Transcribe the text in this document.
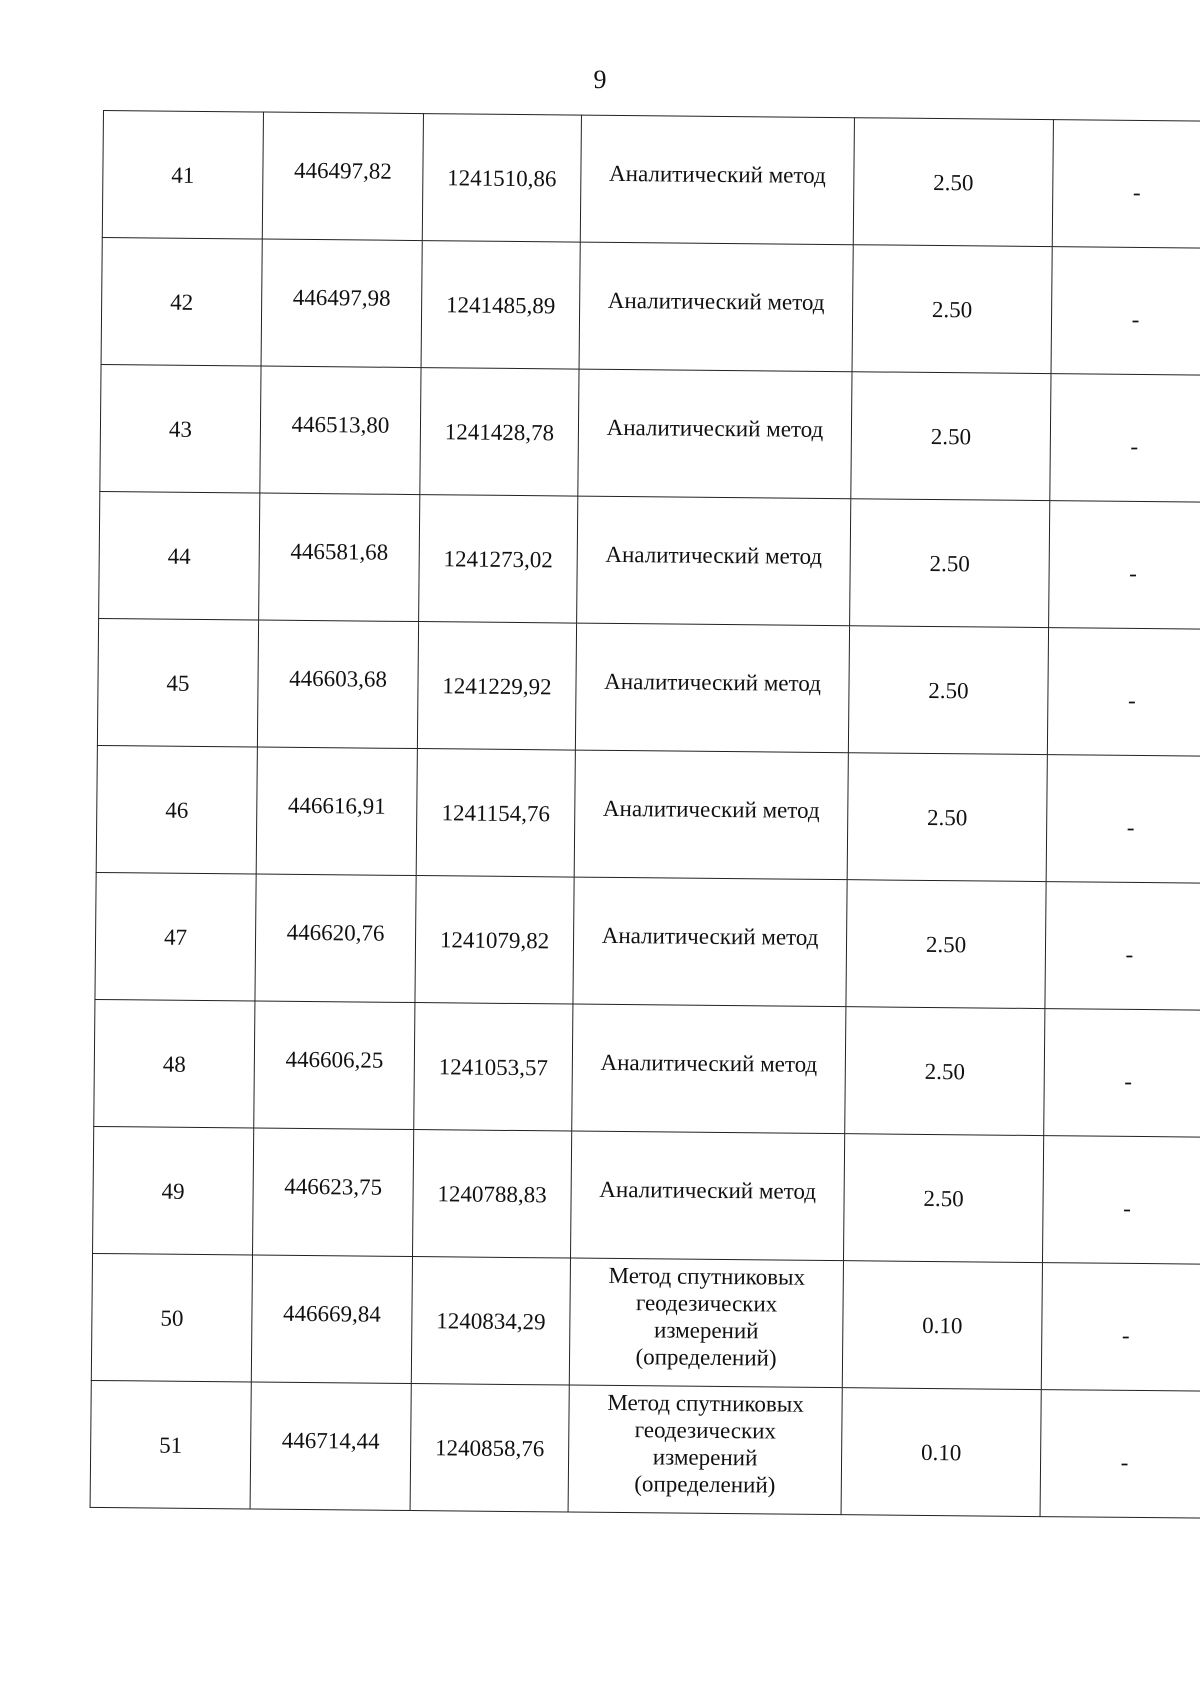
9
41	446497,82	1241510,86	Аналитический метод	2.50	-
42	446497,98	1241485,89	Аналитический метод	2.50	-
43	446513,80	1241428,78	Аналитический метод	2.50	-
44	446581,68	1241273,02	Аналитический метод	2.50	-
45	446603,68	1241229,92	Аналитический метод	2.50	-
46	446616,91	1241154,76	Аналитический метод	2.50	-
47	446620,76	1241079,82	Аналитический метод	2.50	-
48	446606,25	1241053,57	Аналитический метод	2.50	-
49	446623,75	1240788,83	Аналитический метод	2.50	-
50	446669,84	1240834,29	Метод спутниковых геодезических измерений (определений)	0.10	-
51	446714,44	1240858,76	Метод спутниковых геодезических измерений (определений)	0.10	-
